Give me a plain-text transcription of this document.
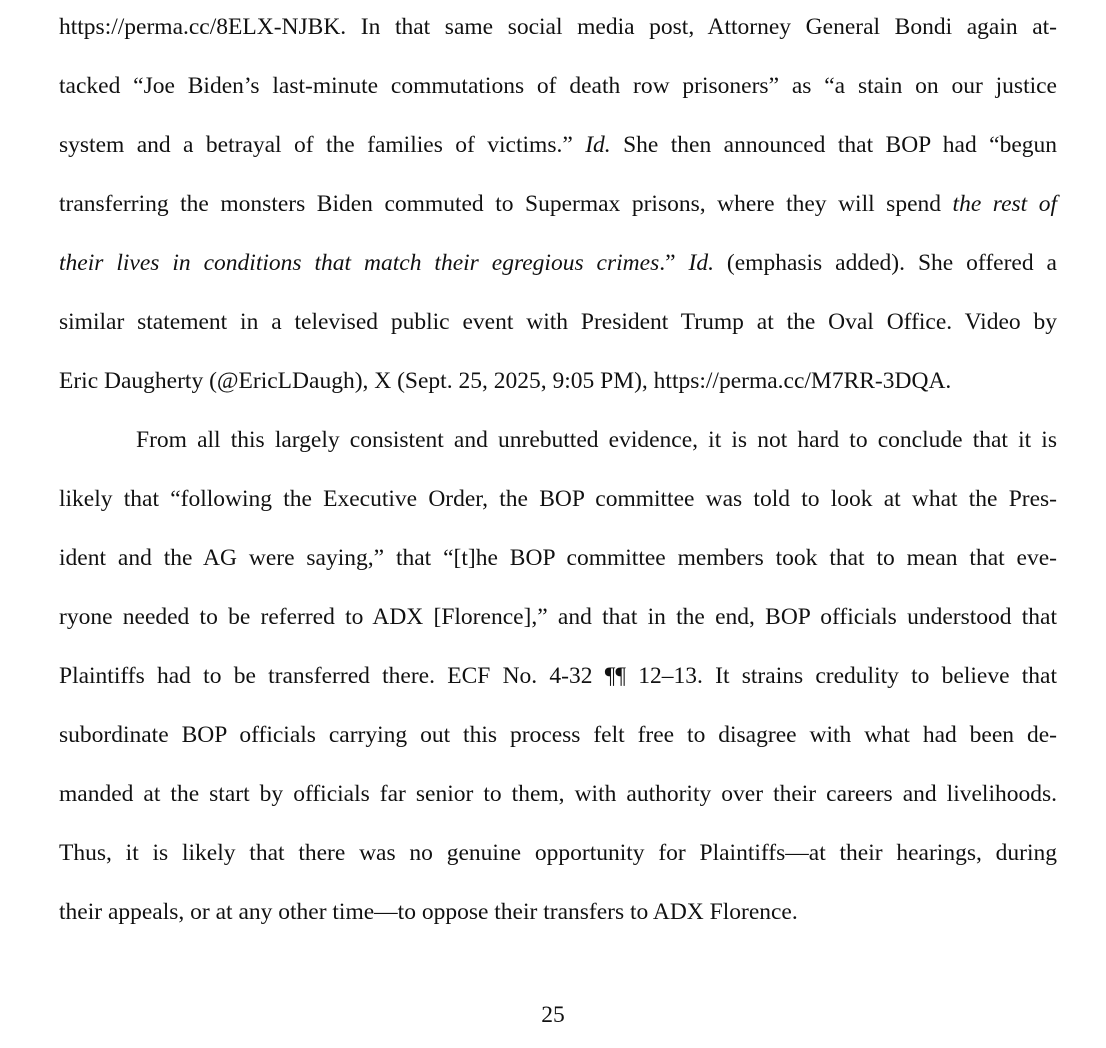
https://perma.cc/8ELX-NJBK. In that same social media post, Attorney General Bondi again at-
tacked “Joe Biden’s last-minute commutations of death row prisoners” as “a stain on our justice
system and a betrayal of the families of victims.” Id. She then announced that BOP had “begun
transferring the monsters Biden commuted to Supermax prisons, where they will spend the rest of
their lives in conditions that match their egregious crimes.” Id. (emphasis added). She offered a
similar statement in a televised public event with President Trump at the Oval Office. Video by
Eric Daugherty (@EricLDaugh), X (Sept. 25, 2025, 9:05 PM), https://perma.cc/M7RR-3DQA.
From all this largely consistent and unrebutted evidence, it is not hard to conclude that it is
likely that “following the Executive Order, the BOP committee was told to look at what the Pres-
ident and the AG were saying,” that “[t]he BOP committee members took that to mean that eve-
ryone needed to be referred to ADX [Florence],” and that in the end, BOP officials understood that
Plaintiffs had to be transferred there. ECF No. 4-32 ¶¶ 12–13. It strains credulity to believe that
subordinate BOP officials carrying out this process felt free to disagree with what had been de-
manded at the start by officials far senior to them, with authority over their careers and livelihoods.
Thus, it is likely that there was no genuine opportunity for Plaintiffs—at their hearings, during
their appeals, or at any other time—to oppose their transfers to ADX Florence.
25
